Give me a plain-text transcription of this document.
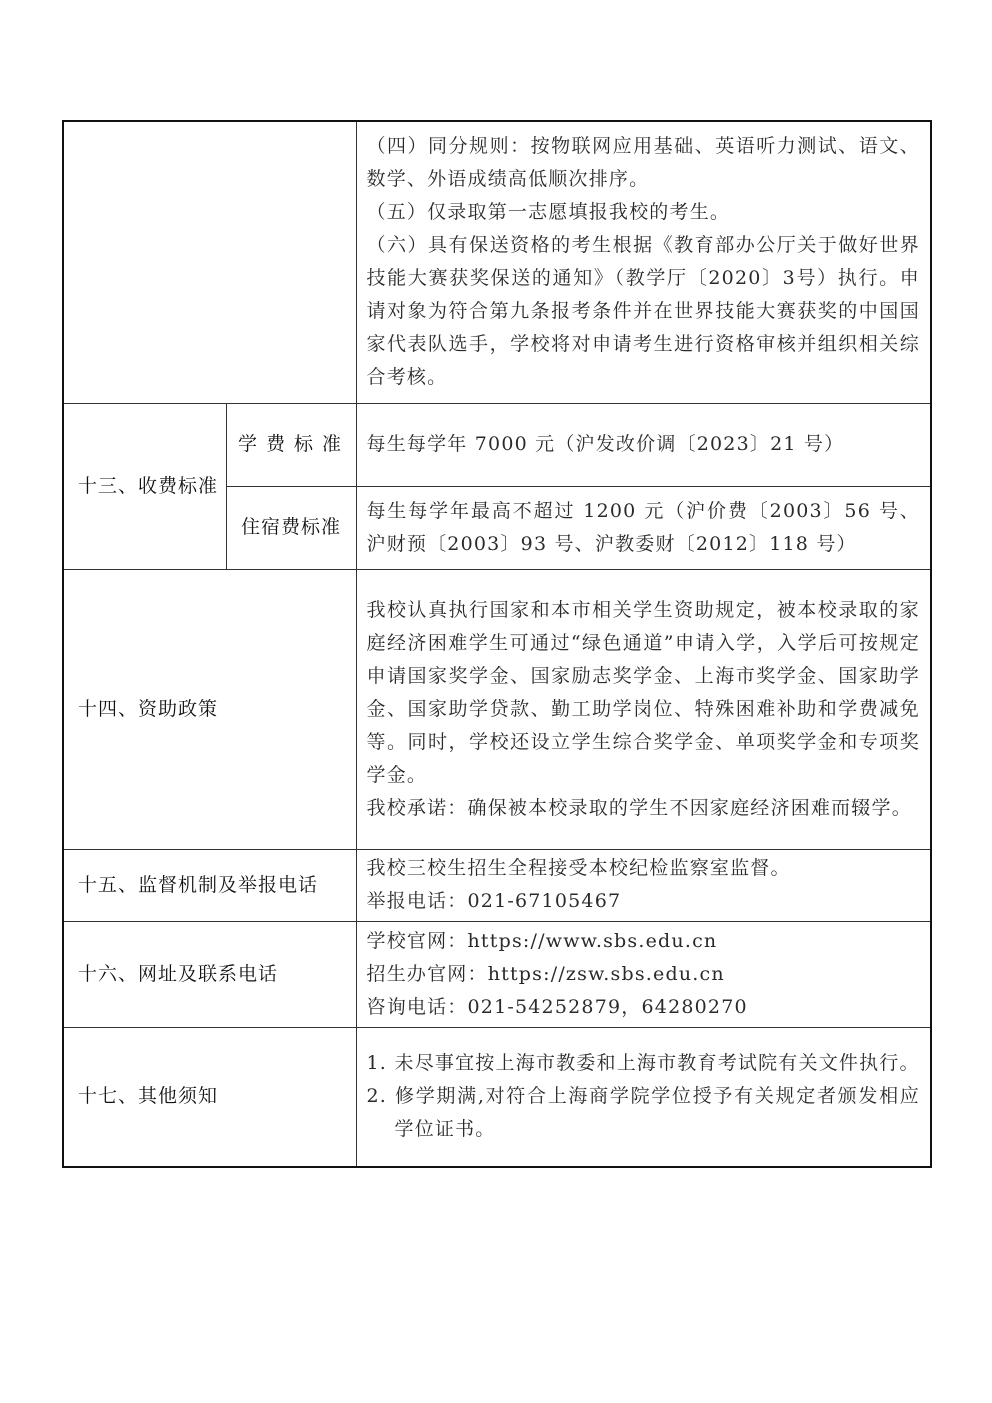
		（四）同分规则：按物联网应用基础、英语听力测试、语文、数学、外语成绩高低顺次排序。
（五）仅录取第一志愿填报我校的考生。
（六）具有保送资格的考生根据《教育部办公厅关于做好世界技能大赛获奖保送的通知》（教学厅〔2020〕3号）执行。申请对象为符合第九条报考条件并在世界技能大赛获奖的中国国家代表队选手，学校将对申请考生进行资格审核并组织相关综合考核。

十三、收费标准	学费标准	每生每学年 7000 元（沪发改价调〔2023〕21 号）
	住宿费标准	每生每学年最高不超过 1200 元（沪价费〔2003〕56 号、沪财预〔2003〕93 号、沪教委财〔2012〕118 号）
十四、资助政策		我校认真执行国家和本市相关学生资助规定，被本校录取的家庭经济困难学生可通过“绿色通道”申请入学，入学后可按规定申请国家奖学金、国家励志奖学金、上海市奖学金、国家助学金、国家助学贷款、勤工助学岗位、特殊困难补助和学费减免等。同时，学校还设立学生综合奖学金、单项奖学金和专项奖学金。
我校承诺：确保被本校录取的学生不因家庭经济困难而辍学。

十五、监督机制及举报电话		我校三校生招生全程接受本校纪检监察室监督。
举报电话：021-67105467

十六、网址及联系电话		学校官网：https://www.sbs.edu.cn
招生办官网：https://zsw.sbs.edu.cn
咨询电话：021-54252879，64280270

十七、其他须知		1. 未尽事宜按上海市教委和上海市教育考试院有关文件执行。
2. 修学期满,对符合上海商学院学位授予有关规定者颁发相应学位证书。
